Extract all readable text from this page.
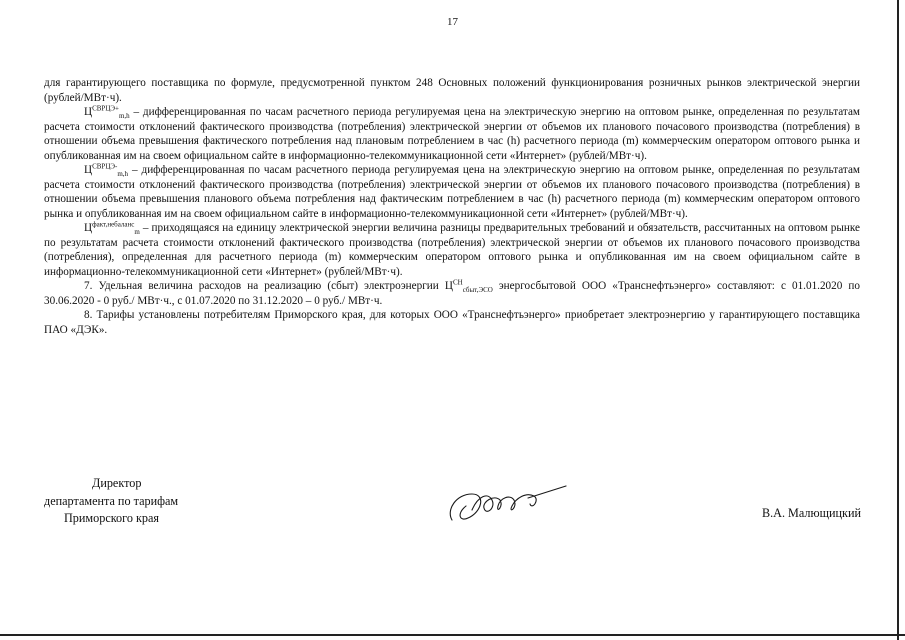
17

для гарантирующего поставщика по формуле, предусмотренной пунктом 248 Основных положений функционирования розничных рынков электрической энергии (рублей/МВт·ч).

$Ц^{СВРЦЭ+}_{m,h}$ – дифференцированная по часам расчетного периода регулируемая цена на электрическую энергию на оптовом рынке, определенная по результатам расчета стоимости отклонений фактического производства (потребления) электрической энергии от объемов их планового почасового производства (потребления) в отношении объема превышения фактического потребления над плановым потреблением в час (h) расчетного периода (m) коммерческим оператором оптового рынка и опубликованная им на своем официальном сайте в информационно-телекоммуникационной сети «Интернет» (рублей/МВт·ч).

$Ц^{СВРЦЭ-}_{m,h}$ – дифференцированная по часам расчетного периода регулируемая цена на электрическую энергию на оптовом рынке, определенная по результатам расчета стоимости отклонений фактического производства (потребления) электрической энергии от объемов их планового почасового производства (потребления) в отношении объема превышения планового объема потребления над фактическим потреблением в час (h) расчетного периода (m) коммерческим оператором оптового рынка и опубликованная им на своем официальном сайте в информационно-телекоммуникационной сети «Интернет» (рублей/МВт·ч).

$Ц^{факт,небаланс}_m$ – приходящаяся на единицу электрической энергии величина разницы предварительных требований и обязательств, рассчитанных на оптовом рынке по результатам расчета стоимости отклонений фактического производства (потребления) электрической энергии от объемов их планового почасового производства (потребления), определенная для расчетного периода (m) коммерческим оператором оптового рынка и опубликованная им на своем официальном сайте в информационно-телекоммуникационной сети «Интернет» (рублей/МВт·ч).

7. Удельная величина расходов на реализацию (сбыт) электроэнергии $Ц^{СН}_{сбыт,ЭСО}$ энергосбытовой ООО «Транснефтьэнерго» составляют: с 01.01.2020 по 30.06.2020 - 0 руб./ МВт·ч., с 01.07.2020 по 31.12.2020 – 0 руб./ МВт·ч.

8. Тарифы установлены потребителям Приморского края, для которых ООО «Транснефтьэнерго» приобретает электроэнергию у гарантирующего поставщика ПАО «ДЭК».

Директор
департамента по тарифам
Приморского края	В.А. Малющицкий
